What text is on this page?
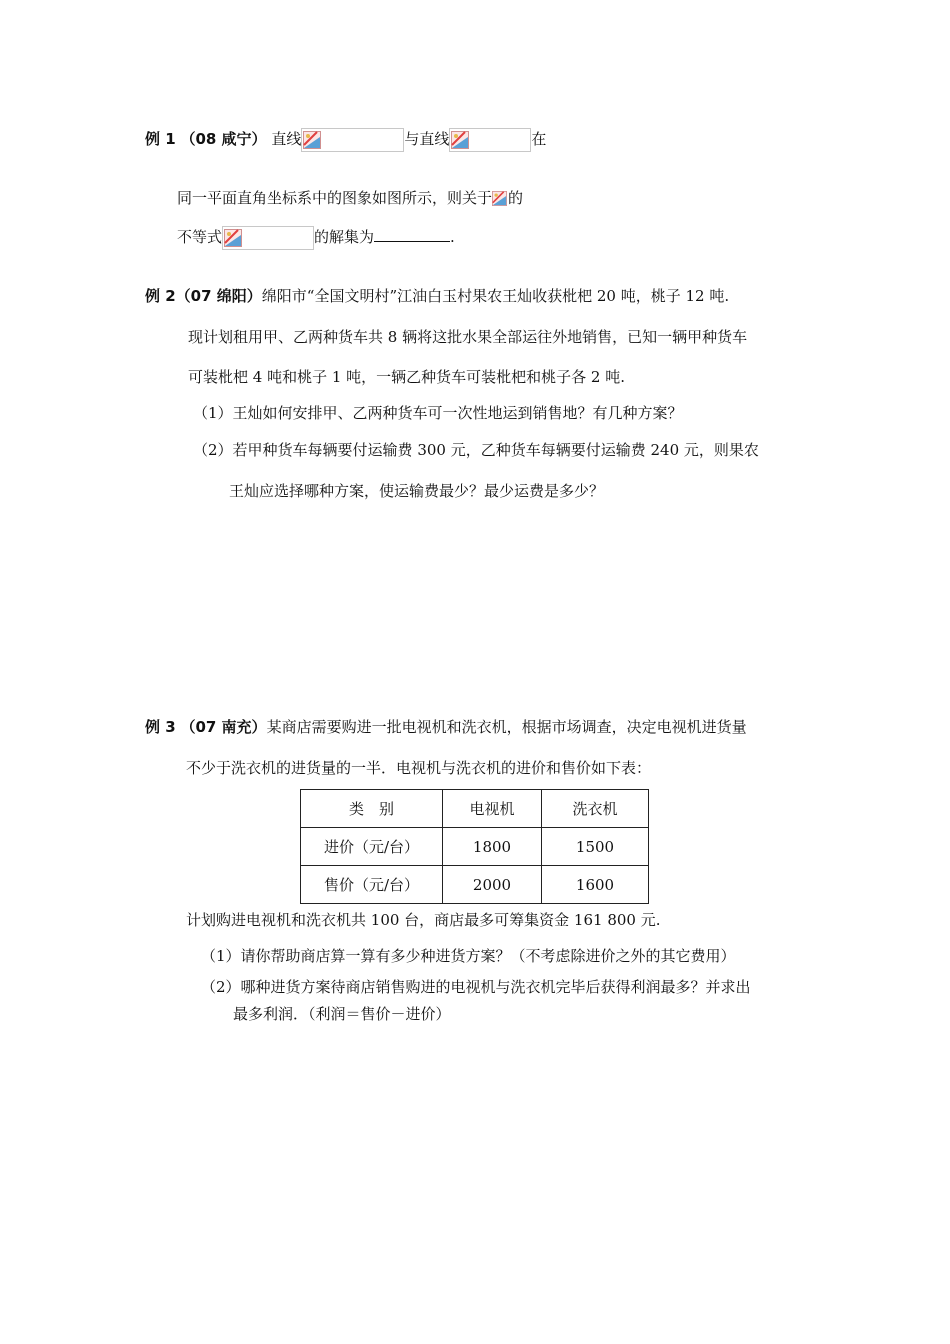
例 1 （08 咸宁） 直线	与直线	在
同一平面直角坐标系中的图象如图所示，则关于 的
不等式	的解集为	.
例 2（07 绵阳）绵阳市“全国文明村”江油白玉村果农王灿收获枇杷 20 吨，桃子 12 吨.
现计划租用甲、乙两种货车共 8 辆将这批水果全部运往外地销售，已知一辆甲种货车
可装枇杷 4 吨和桃子 1 吨，一辆乙种货车可装枇杷和桃子各 2 吨.
（1）王灿如何安排甲、乙两种货车可一次性地运到销售地？有几种方案？
（2）若甲种货车每辆要付运输费 300 元，乙种货车每辆要付运输费 240 元，则果农
王灿应选择哪种方案，使运输费最少？最少运费是多少？
例 3 （07 南充）某商店需要购进一批电视机和洗衣机，根据市场调查，决定电视机进货量
不少于洗衣机的进货量的一半．电视机与洗衣机的进价和售价如下表：
类　别	电视机	洗衣机
进价（元/台）	1800	1500
售价（元/台）	2000	1600
计划购进电视机和洗衣机共 100 台，商店最多可筹集资金 161 800 元.
（1）请你帮助商店算一算有多少种进货方案？（不考虑除进价之外的其它费用）
（2）哪种进货方案待商店销售购进的电视机与洗衣机完毕后获得利润最多？并求出
最多利润．（利润＝售价－进价）
